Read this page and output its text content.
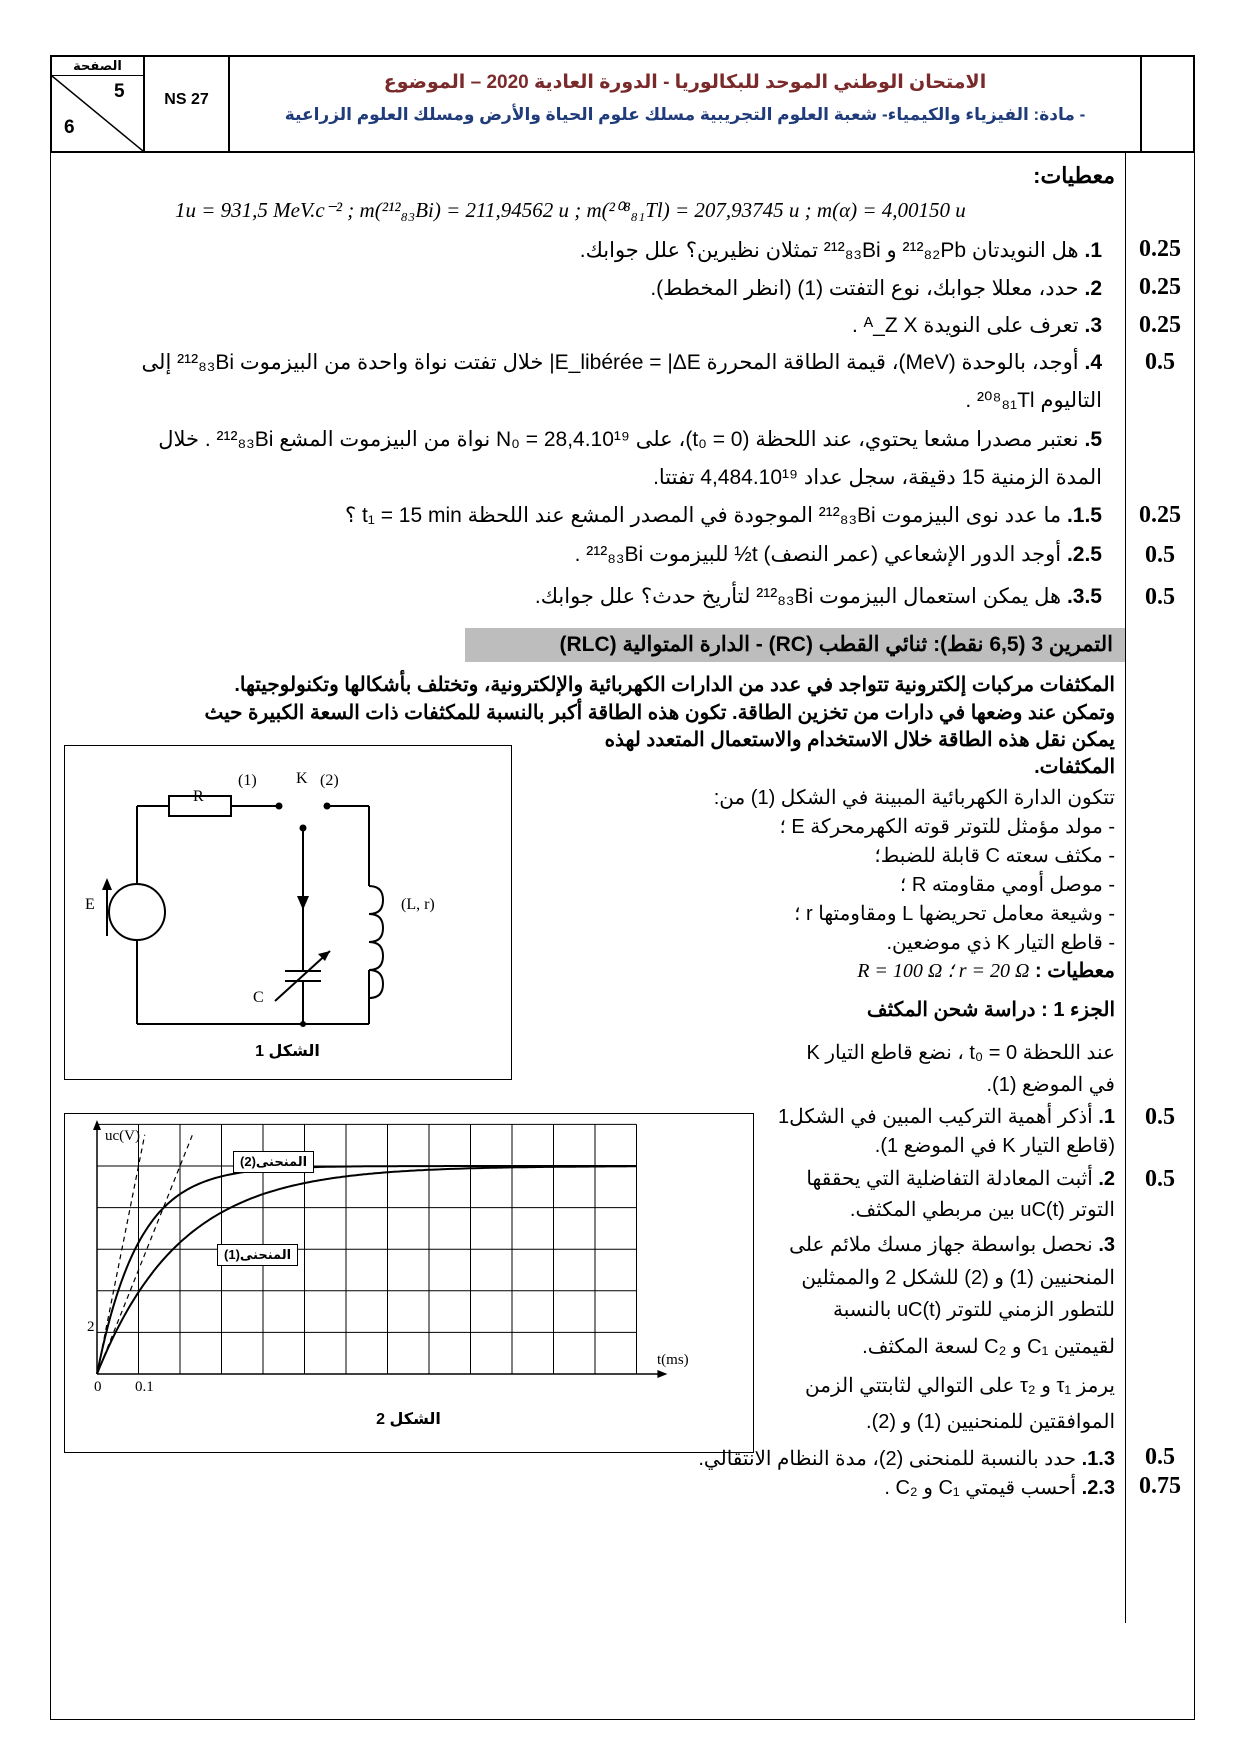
الصفحة
5
6
NS 27
الامتحان الوطني الموحد للبكالوريا - الدورة العادية 2020 – الموضوع
- مادة: الفيزياء والكيمياء- شعبة العلوم التجريبية مسلك علوم الحياة والأرض ومسلك العلوم الزراعية
معطيات:
1u = 931,5 MeV.c⁻² ; m(²¹²₈₃Bi) = 211,94562 u ; m(²⁰⁸₈₁Tl) = 207,93745 u ; m(α) = 4,00150 u
1. هل النويدتان ²¹²₈₂Pb و ²¹²₈₃Bi تمثلان نظيرين؟ علل جوابك.	0.25
2. حدد، معللا جوابك، نوع التفتت (1) (انظر المخطط).	0.25
3. تعرف على النويدة ᴬ_Z X .	0.25
4. أوجد، بالوحدة (MeV)، قيمة الطاقة المحررة E_libérée = |ΔE| خلال تفتت نواة واحدة من البيزموت ²¹²₈₃Bi إلى
التاليوم ²⁰⁸₈₁Tl .
0.5
5. نعتبر مصدرا مشعا يحتوي، عند اللحظة (t₀ = 0)، على N₀ = 28,4.10¹⁹ نواة من البيزموت المشع ²¹²₈₃Bi . خلال
المدة الزمنية 15 دقيقة، سجل عداد 4,484.10¹⁹ تفتتا.
1.5. ما عدد نوى البيزموت ²¹²₈₃Bi الموجودة في المصدر المشع عند اللحظة t₁ = 15 min ؟	0.25
2.5. أوجد الدور الإشعاعي (عمر النصف) t½ للبيزموت ²¹²₈₃Bi .	0.5
3.5. هل يمكن استعمال البيزموت ²¹²₈₃Bi لتأريخ حدث؟ علل جوابك.	0.5
التمرين 3 (6,5 نقط): ثنائي القطب (RC) - الدارة المتوالية (RLC)
المكثفات مركبات إلكترونية تتواجد في عدد من الدارات الكهربائية والإلكترونية، وتختلف بأشكالها وتكنولوجيتها.
وتمكن عند وضعها في دارات من تخزين الطاقة. تكون هذه الطاقة أكبر بالنسبة للمكثفات ذات السعة الكبيرة حيث
يمكن نقل هذه الطاقة خلال الاستخدام والاستعمال المتعدد لهذه
المكثفات.
R
(1) K (2)
E
C
(L, r)
الشكل 1
تتكون الدارة الكهربائية المبينة في الشكل (1) من:
- مولد مؤمثل للتوتر قوته الكهرمحركة E ؛
- مكثف سعته C قابلة للضبط؛
- موصل أومي مقاومته R ؛
- وشيعة معامل تحريضها L ومقاومتها r ؛
- قاطع التيار K ذي موضعين.
معطيات : r = 20 Ω ؛ R = 100 Ω
الجزء 1 : دراسة شحن المكثف
عند اللحظة t₀ = 0 ، نضع قاطع التيار K
في الموضع (1).
1. أذكر أهمية التركيب المبين في الشكل1
(قاطع التيار K في الموضع 1).
0.5
2. أثبت المعادلة التفاضلية التي يحققها
التوتر uC(t) بين مربطي المكثف.
0.5
3. نحصل بواسطة جهاز مسك ملائم على
المنحنيين (1) و (2) للشكل 2 والممثلين
للتطور الزمني للتوتر uC(t) بالنسبة
لقيمتين C₁ و C₂ لسعة المكثف.
يرمز τ₁ و τ₂ على التوالي لثابتتي الزمن
الموافقتين للمنحنيين (1) و (2).
1.3. حدد بالنسبة للمنحنى (2)، مدة النظام الانتقالي.	0.5
2.3. أحسب قيمتي C₁ و C₂ .	0.75
uc(V)
t(ms)
0 0.1
2
المنحنى(2)
المنحنى(1)
الشكل 2
